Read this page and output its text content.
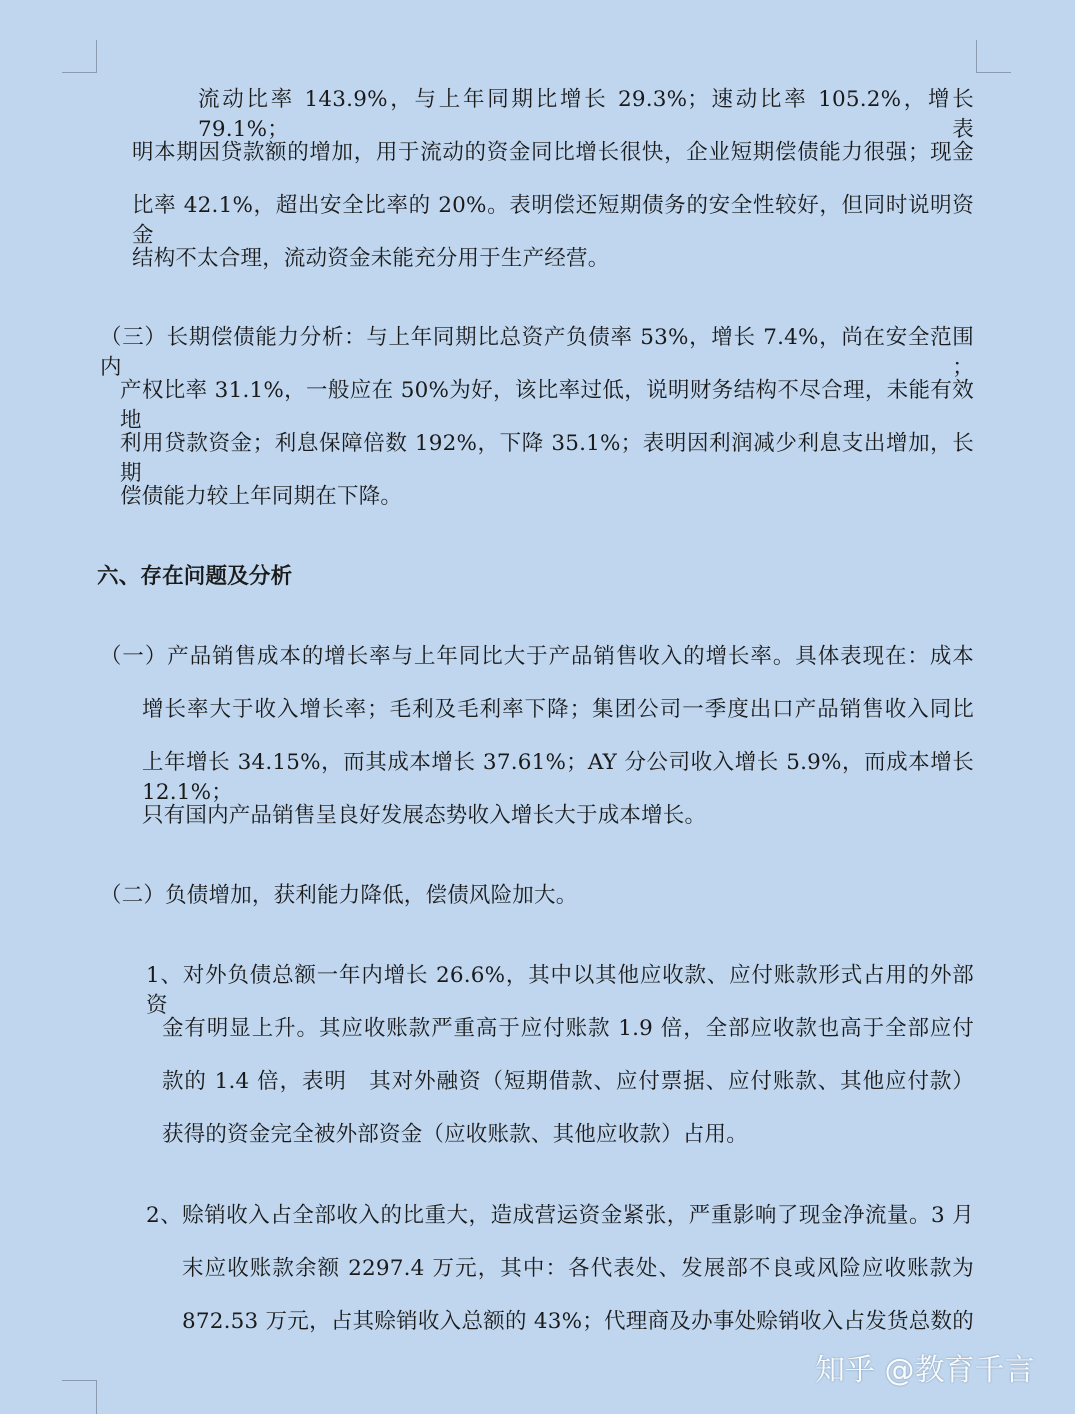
流动比率 143.9%，与上年同期比增长 29.3%；速动比率 105.2%，增长 79.1%；表
明本期因贷款额的增加，用于流动的资金同比增长很快，企业短期偿债能力很强；现金
比率 42.1%，超出安全比率的 20%。表明偿还短期债务的安全性较好，但同时说明资金
结构不太合理，流动资金未能充分用于生产经营。
（三）长期偿债能力分析：与上年同期比总资产负债率 53%，增长 7.4%，尚在安全范围内；
产权比率 31.1%，一般应在 50%为好，该比率过低，说明财务结构不尽合理，未能有效地
利用贷款资金；利息保障倍数 192%，下降 35.1%；表明因利润减少利息支出增加，长期
偿债能力较上年同期在下降。
六、存在问题及分析
（一）产品销售成本的增长率与上年同比大于产品销售收入的增长率。具体表现在：成本
增长率大于收入增长率；毛利及毛利率下降；集团公司一季度出口产品销售收入同比
上年增长 34.15%，而其成本增长 37.61%；AY 分公司收入增长 5.9%，而成本增长 12.1%；
只有国内产品销售呈良好发展态势收入增长大于成本增长。
（二）负债增加，获利能力降低，偿债风险加大。
1、对外负债总额一年内增长 26.6%，其中以其他应收款、应付账款形式占用的外部资
金有明显上升。其应收账款严重高于应付账款 1.9 倍，全部应收款也高于全部应付
款的 1.4 倍，表明　其对外融资（短期借款、应付票据、应付账款、其他应付款）
获得的资金完全被外部资金（应收账款、其他应收款）占用。
2、赊销收入占全部收入的比重大，造成营运资金紧张，严重影响了现金净流量。3 月
末应收账款余额 2297.4 万元，其中：各代表处、发展部不良或风险应收账款为
872.53 万元，占其赊销收入总额的 43%；代理商及办事处赊销收入占发货总数的
知乎 @教育千言
